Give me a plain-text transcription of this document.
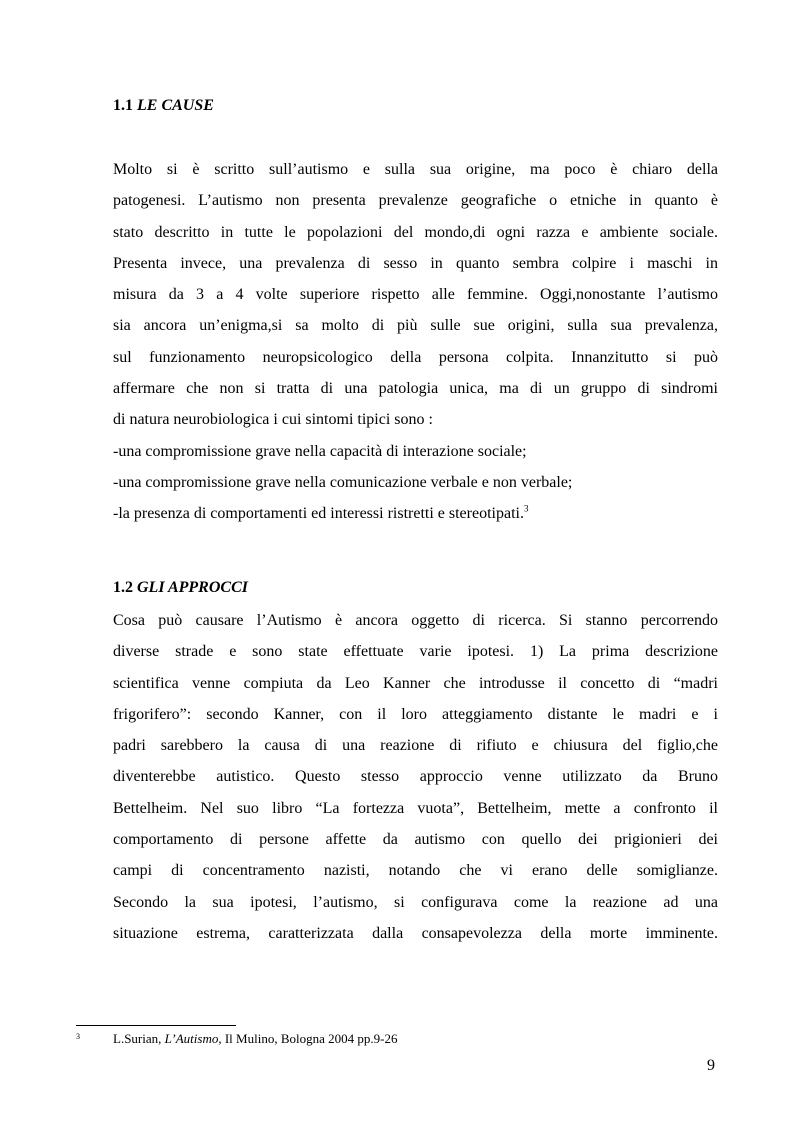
1.1 LE CAUSE
Molto si è scritto sull’autismo e sulla sua origine, ma poco è chiaro della
patogenesi. L’autismo non presenta prevalenze geografiche o etniche in quanto è
stato descritto in tutte le popolazioni del mondo,di ogni razza e ambiente sociale.
Presenta invece, una prevalenza di sesso in quanto sembra colpire i maschi in
misura da 3 a 4 volte superiore rispetto alle femmine. Oggi,nonostante l’autismo
sia ancora un’enigma,si sa molto di più sulle sue origini, sulla sua prevalenza,
sul funzionamento neuropsicologico della persona colpita. Innanzitutto si può
affermare che non si tratta di una patologia unica, ma di un gruppo di sindromi
di natura neurobiologica i cui sintomi tipici sono :
-una compromissione grave nella capacità di interazione sociale;
-una compromissione grave nella comunicazione verbale e non verbale;
-la presenza di comportamenti ed interessi ristretti e stereotipati.$^3$
1.2 GLI APPROCCI
Cosa può causare l’Autismo è ancora oggetto di ricerca. Si stanno percorrendo
diverse strade e sono state effettuate varie ipotesi. 1) La prima descrizione
scientifica venne compiuta da Leo Kanner che introdusse il concetto di “madri
frigorifero”: secondo Kanner, con il loro atteggiamento distante le madri e i
padri sarebbero la causa di una reazione di rifiuto e chiusura del figlio,che
diventerebbe autistico. Questo stesso approccio venne utilizzato da Bruno
Bettelheim. Nel suo libro “La fortezza vuota”, Bettelheim, mette a confronto il
comportamento di persone affette da autismo con quello dei prigionieri dei
campi di concentramento nazisti, notando che vi erano delle somiglianze.
Secondo la sua ipotesi, l’autismo, si configurava come la reazione ad una
situazione estrema, caratterizzata dalla consapevolezza della morte imminente.
3	L.Surian, L’Autismo, Il Mulino, Bologna 2004 pp.9-26
9
